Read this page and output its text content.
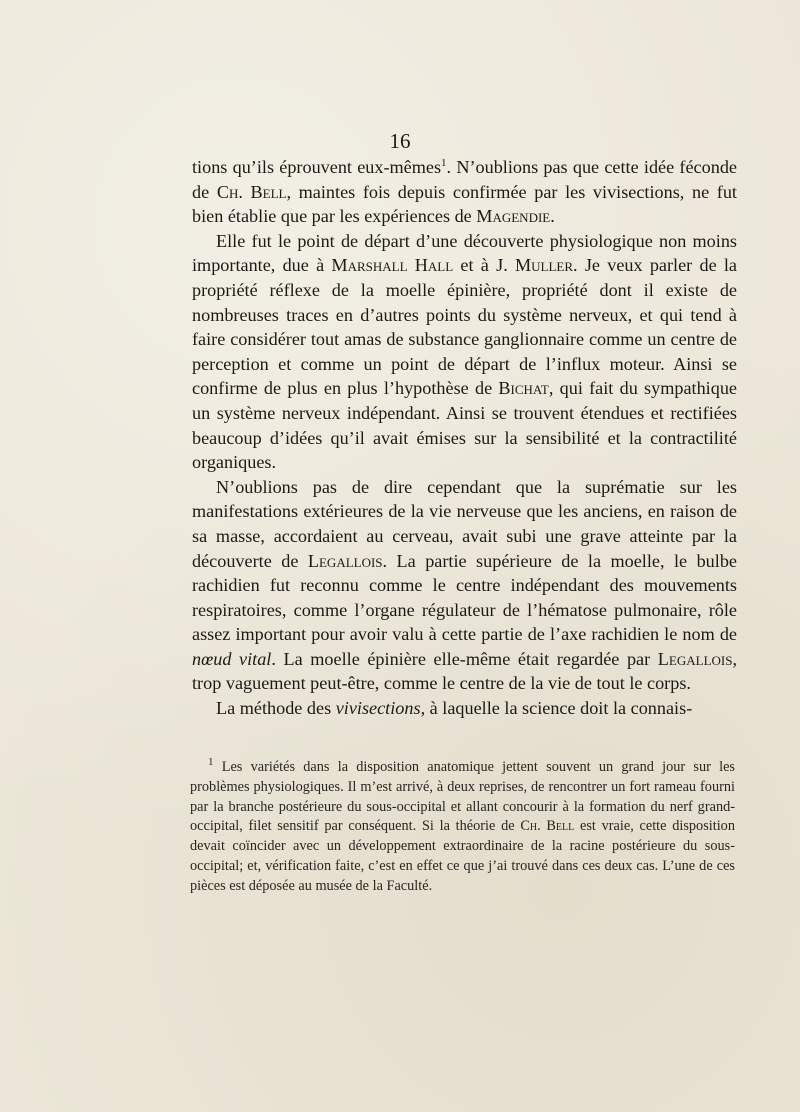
16

tions qu’ils éprouvent eux-mêmes$^1$. N’oublions pas que cette idée féconde de Ch. Bell, maintes fois depuis confirmée par les vivisections, ne fut bien établie que par les expériences de Magendie.

Elle fut le point de départ d’une découverte physiologique non moins importante, due à Marshall Hall et à J. Muller. Je veux parler de la propriété réflexe de la moelle épinière, propriété dont il existe de nombreuses traces en d’autres points du système nerveux, et qui tend à faire considérer tout amas de substance ganglionnaire comme un centre de perception et comme un point de départ de l’influx moteur. Ainsi se confirme de plus en plus l’hypothèse de Bichat, qui fait du sympathique un système nerveux indépendant. Ainsi se trouvent étendues et rectifiées beaucoup d’idées qu’il avait émises sur la sensibilité et la contractilité organiques.

N’oublions pas de dire cependant que la suprématie sur les manifestations extérieures de la vie nerveuse que les anciens, en raison de sa masse, accordaient au cerveau, avait subi une grave atteinte par la découverte de Legallois. La partie supérieure de la moelle, le bulbe rachidien fut reconnu comme le centre indépendant des mouvements respiratoires, comme l’organe régulateur de l’hématose pulmonaire, rôle assez important pour avoir valu à cette partie de l’axe rachidien le nom de nœud vital. La moelle épinière elle-même était regardée par Legallois, trop vaguement peut-être, comme le centre de la vie de tout le corps.

La méthode des vivisections, à laquelle la science doit la connais-

$^1$ Les variétés dans la disposition anatomique jettent souvent un grand jour sur les problèmes physiologiques. Il m’est arrivé, à deux reprises, de rencontrer un fort rameau fourni par la branche postérieure du sous-occipital et allant concourir à la formation du nerf grand-occipital, filet sensitif par conséquent. Si la théorie de Ch. Bell est vraie, cette disposition devait coïncider avec un développement extraordinaire de la racine postérieure du sous-occipital; et, vérification faite, c’est en effet ce que j’ai trouvé dans ces deux cas. L’une de ces pièces est déposée au musée de la Faculté.
